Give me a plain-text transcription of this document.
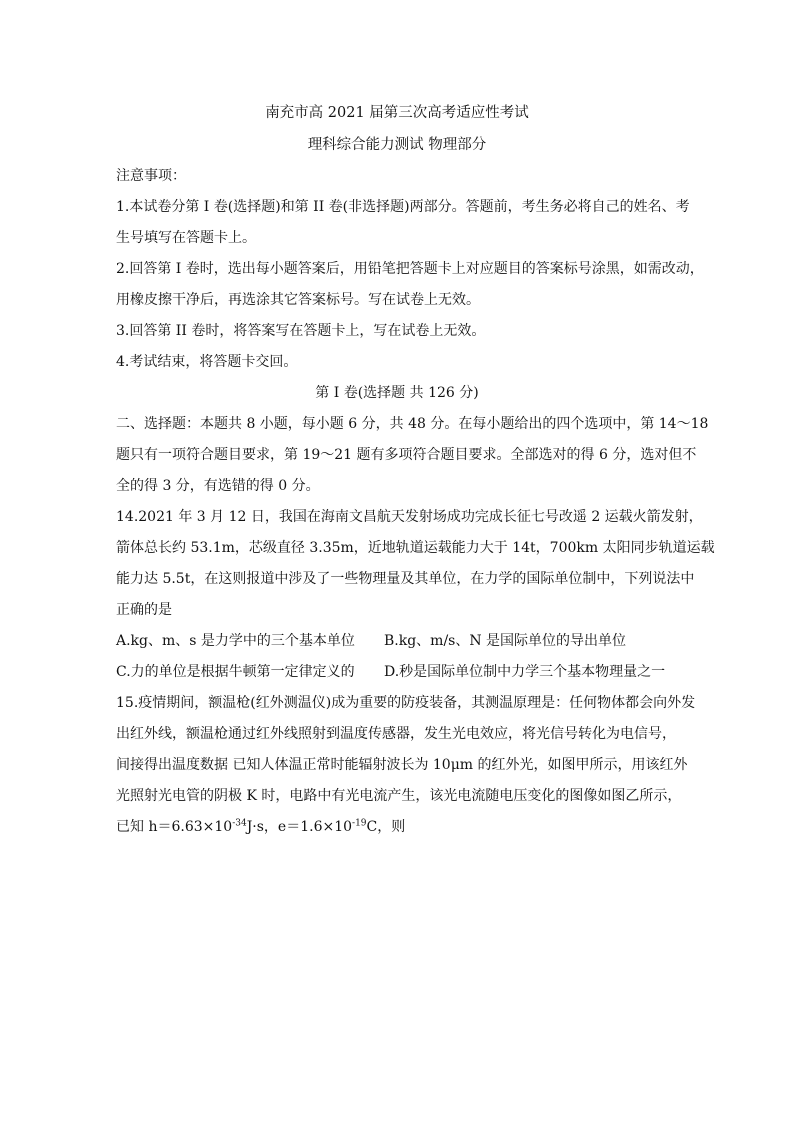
南充市高 2021 届第三次高考适应性考试
理科综合能力测试 物理部分
注意事项：
1.本试卷分第 I 卷(选择题)和第 II 卷(非选择题)两部分。答题前，考生务必将自己的姓名、考
生号填写在答题卡上。
2.回答第 I 卷时，选出每小题答案后，用铅笔把答题卡上对应题目的答案标号涂黑，如需改动，
用橡皮擦干净后，再选涂其它答案标号。写在试卷上无效。
3.回答第 II 卷时，将答案写在答题卡上，写在试卷上无效。
4.考试结束，将答题卡交回。
第 I 卷(选择题 共 126 分)
二、选择题：本题共 8 小题，每小题 6 分，共 48 分。在每小题给出的四个选项中，第 14～18
题只有一项符合题目要求，第 19～21 题有多项符合题目要求。全部选对的得 6 分，选对但不
全的得 3 分，有选错的得 0 分。
14.2021 年 3 月 12 日，我国在海南文昌航天发射场成功完成长征七号改遥 2 运载火箭发射，
箭体总长约 53.1m，芯级直径 3.35m，近地轨道运载能力大于 14t，700km 太阳同步轨道运载
能力达 5.5t，在这则报道中涉及了一些物理量及其单位，在力学的国际单位制中，下列说法中
正确的是
A.kg、m、s 是力学中的三个基本单位 B.kg、m/s、N 是国际单位的导出单位
C.力的单位是根据牛顿第一定律定义的 D.秒是国际单位制中力学三个基本物理量之一
15.疫情期间，额温枪(红外测温仪)成为重要的防疫装备，其测温原理是：任何物体都会向外发
出红外线，额温枪通过红外线照射到温度传感器，发生光电效应，将光信号转化为电信号，
间接得出温度数据 已知人体温正常时能辐射波长为 10μm 的红外光，如图甲所示，用该红外
光照射光电管的阴极 K 时，电路中有光电流产生，该光电流随电压变化的图像如图乙所示，
已知 $h=6.63\times 10^{-34}J\cdot s$，$e=1.6\times 10^{-19}C$，则
